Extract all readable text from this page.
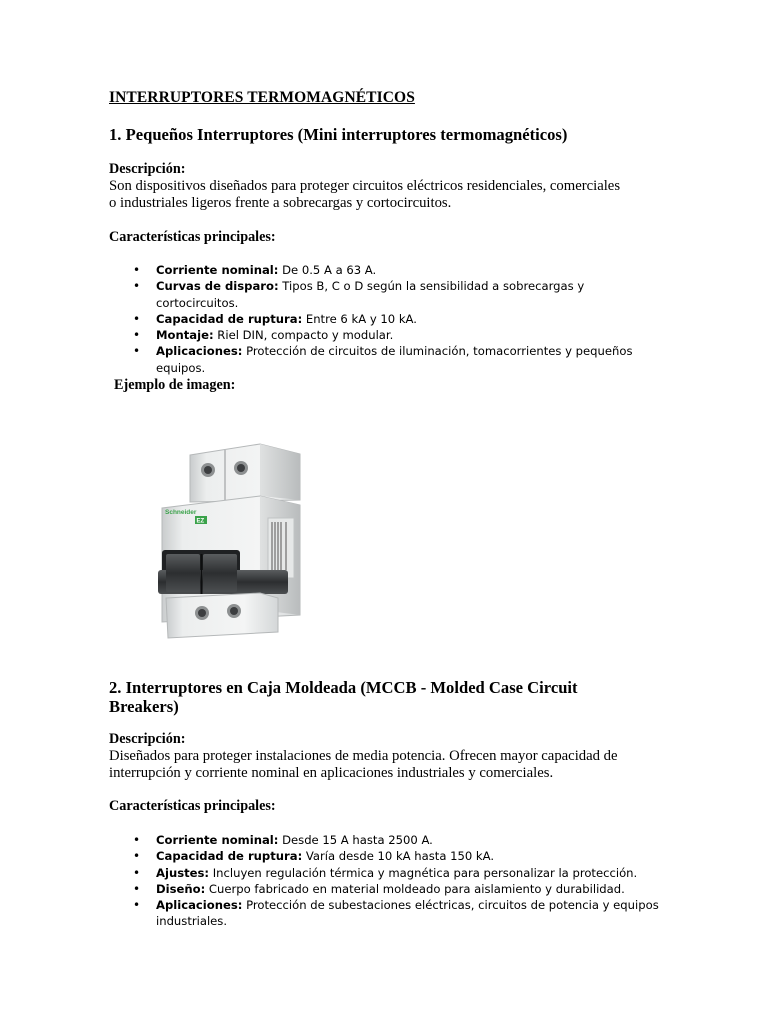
INTERRUPTORES TERMOMAGNÉTICOS
1. Pequeños Interruptores (Mini interruptores termomagnéticos)
Descripción:
Son dispositivos diseñados para proteger circuitos eléctricos residenciales, comerciales
o industriales ligeros frente a sobrecargas y cortocircuitos.
Características principales:
• Corriente nominal: De 0.5 A a 63 A.
• Curvas de disparo: Tipos B, C o D según la sensibilidad a sobrecargas y cortocircuitos.
• Capacidad de ruptura: Entre 6 kA y 10 kA.
• Montaje: Riel DIN, compacto y modular.
• Aplicaciones: Protección de circuitos de iluminación, tomacorrientes y pequeños equipos.
Ejemplo de imagen:
Schneider
EZ
2. Interruptores en Caja Moldeada (MCCB - Molded Case Circuit Breakers)
Descripción:
Diseñados para proteger instalaciones de media potencia. Ofrecen mayor capacidad de
interrupción y corriente nominal en aplicaciones industriales y comerciales.
Características principales:
• Corriente nominal: Desde 15 A hasta 2500 A.
• Capacidad de ruptura: Varía desde 10 kA hasta 150 kA.
• Ajustes: Incluyen regulación térmica y magnética para personalizar la protección.
• Diseño: Cuerpo fabricado en material moldeado para aislamiento y durabilidad.
• Aplicaciones: Protección de subestaciones eléctricas, circuitos de potencia y equipos industriales.
